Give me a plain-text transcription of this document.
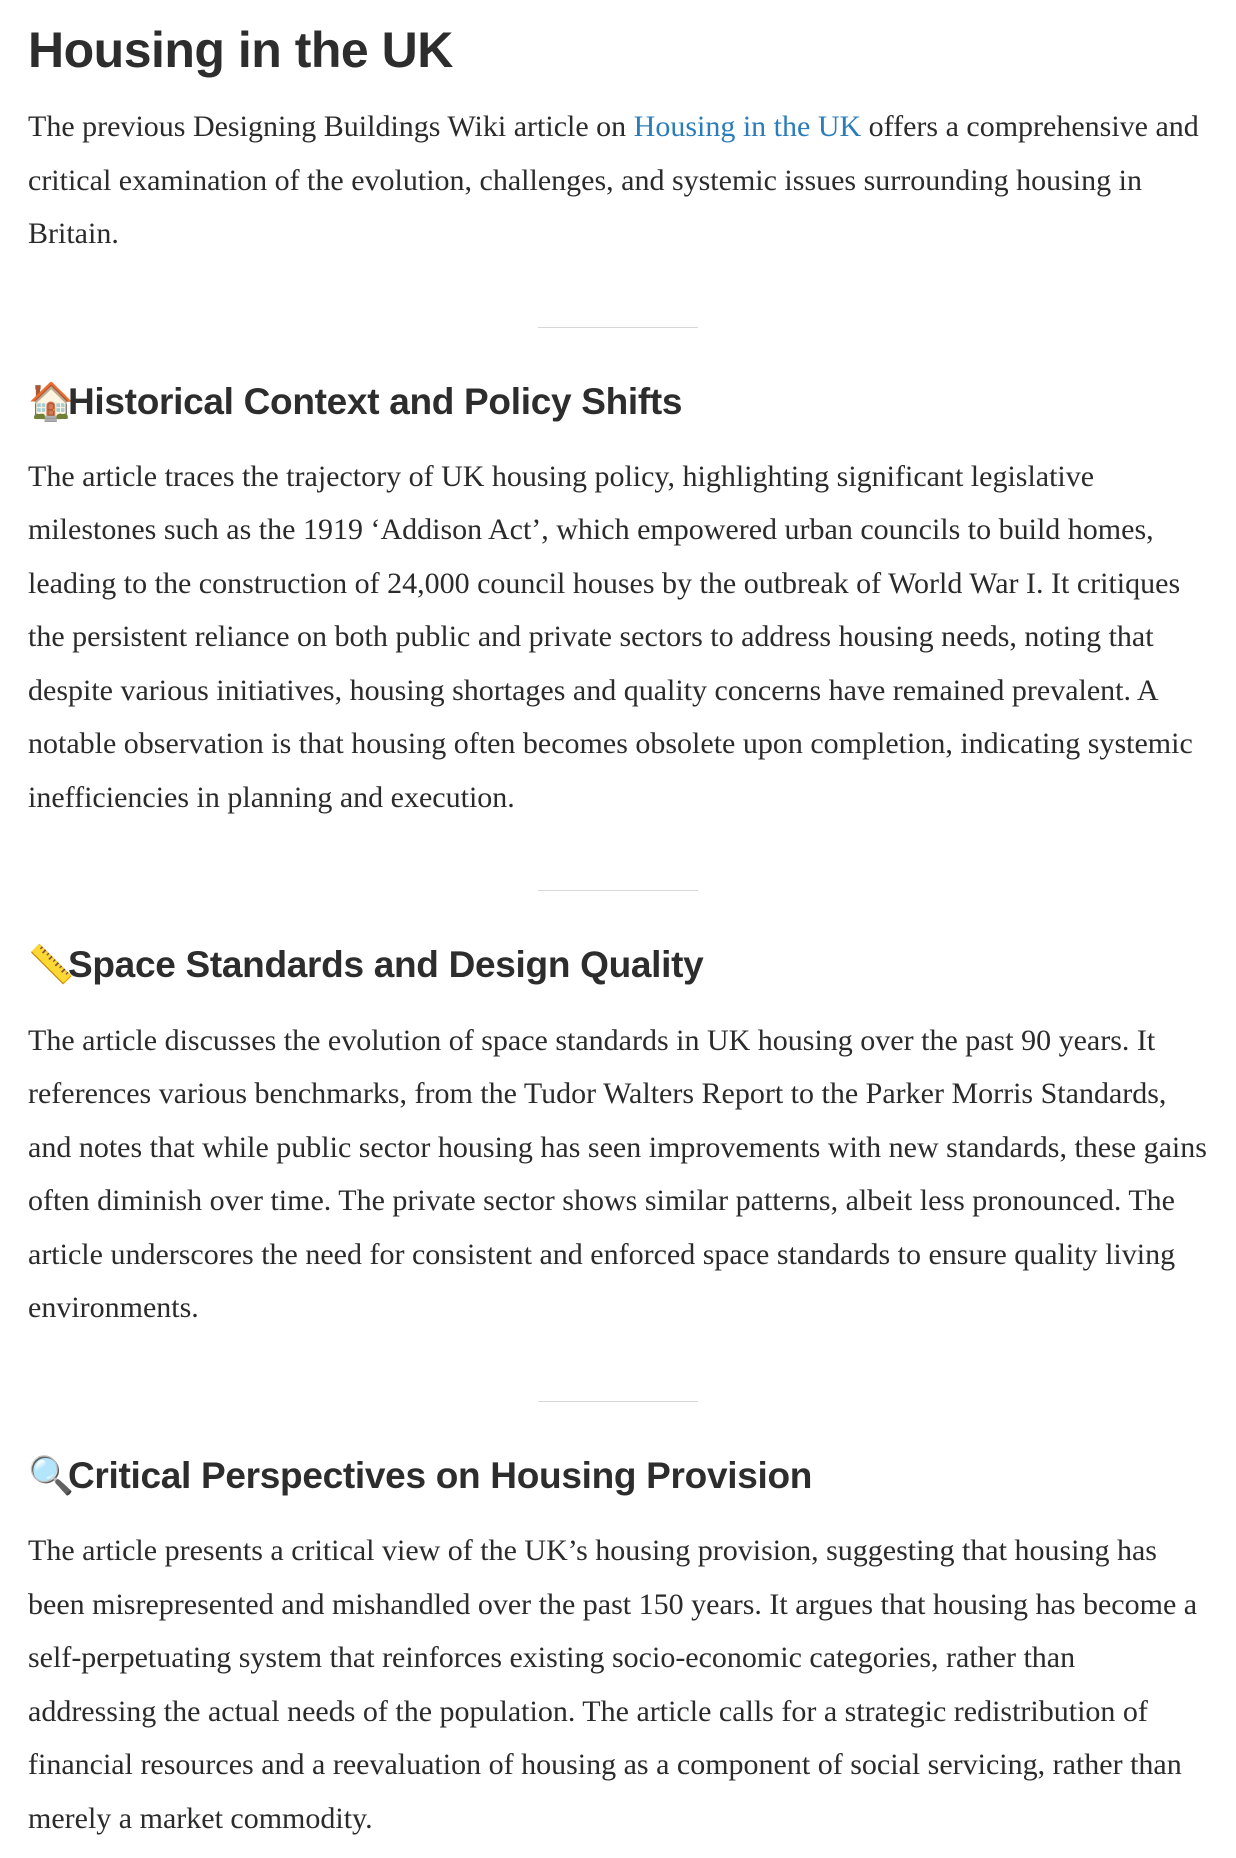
Housing in the UK

The previous Designing Buildings Wiki article on Housing in the UK offers a comprehensive and critical examination of the evolution, challenges, and systemic issues surrounding housing in Britain.

🏠Historical Context and Policy Shifts

The article traces the trajectory of UK housing policy, highlighting significant legislative milestones such as the 1919 ‘Addison Act’, which empowered urban councils to build homes, leading to the construction of 24,000 council houses by the outbreak of World War I. It critiques the persistent reliance on both public and private sectors to address housing needs, noting that despite various initiatives, housing shortages and quality concerns have remained prevalent. A notable observation is that housing often becomes obsolete upon completion, indicating systemic inefficiencies in planning and execution.

📏Space Standards and Design Quality

The article discusses the evolution of space standards in UK housing over the past 90 years. It references various benchmarks, from the Tudor Walters Report to the Parker Morris Standards, and notes that while public sector housing has seen improvements with new standards, these gains often diminish over time. The private sector shows similar patterns, albeit less pronounced. The article underscores the need for consistent and enforced space standards to ensure quality living environments.

🔍Critical Perspectives on Housing Provision

The article presents a critical view of the UK’s housing provision, suggesting that housing has been misrepresented and mishandled over the past 150 years. It argues that housing has become a self-perpetuating system that reinforces existing socio-economic categories, rather than addressing the actual needs of the population. The article calls for a strategic redistribution of financial resources and a reevaluation of housing as a component of social servicing, rather than merely a market commodity.
